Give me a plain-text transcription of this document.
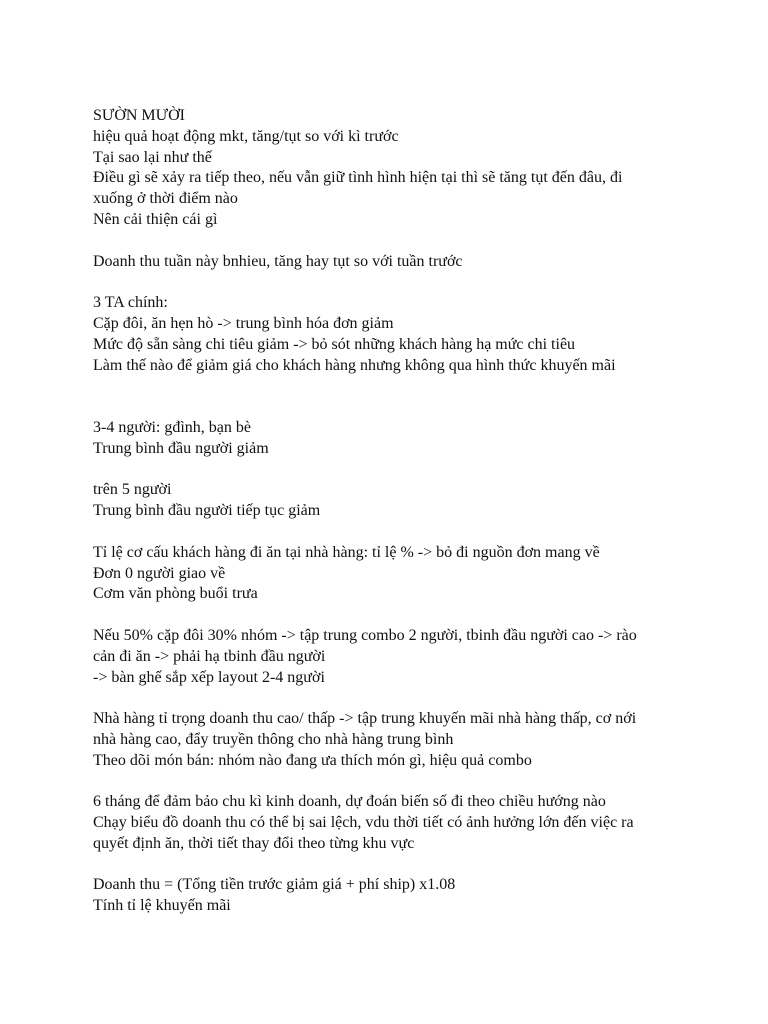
SƯỜN MƯỜI
hiệu quả hoạt động mkt, tăng/tụt so với kì trước
Tại sao lại như thế
Điều gì sẽ xảy ra tiếp theo, nếu vẫn giữ tình hình hiện tại thì sẽ tăng tụt đến đâu, đi
xuống ở thời điểm nào
Nên cải thiện cái gì
Doanh thu tuần này bnhieu, tăng hay tụt so với tuần trước
3 TA chính:
Cặp đôi, ăn hẹn hò -> trung bình hóa đơn giảm
Mức độ sẵn sàng chi tiêu giảm -> bỏ sót những khách hàng hạ mức chi tiêu
Làm thế nào để giảm giá cho khách hàng nhưng không qua hình thức khuyến mãi
3-4 người: gđình, bạn bè
Trung bình đầu người giảm
trên 5 người
Trung bình đầu người tiếp tục giảm
Tỉ lệ cơ cấu khách hàng đi ăn tại nhà hàng: tỉ lệ % -> bỏ đi nguồn đơn mang về
Đơn 0 người giao về
Cơm văn phòng buổi trưa
Nếu 50% cặp đôi 30% nhóm -> tập trung combo 2 người, tbinh đầu người cao -> rào
cản đi ăn -> phải hạ tbinh đầu người
-> bàn ghế sắp xếp layout 2-4 người
Nhà hàng tỉ trọng doanh thu cao/ thấp -> tập trung khuyến mãi nhà hàng thấp, cơ nới
nhà hàng cao, đẩy truyền thông cho nhà hàng trung bình
Theo dõi món bán: nhóm nào đang ưa thích món gì, hiệu quả combo
6 tháng để đảm bảo chu kì kinh doanh, dự đoán biến số đi theo chiều hướng nào
Chạy biểu đồ doanh thu có thể bị sai lệch, vdu thời tiết có ảnh hưởng lớn đến việc ra
quyết định ăn, thời tiết thay đổi theo từng khu vực
Doanh thu = (Tổng tiền trước giảm giá + phí ship) x1.08
Tính tỉ lệ khuyến mãi
